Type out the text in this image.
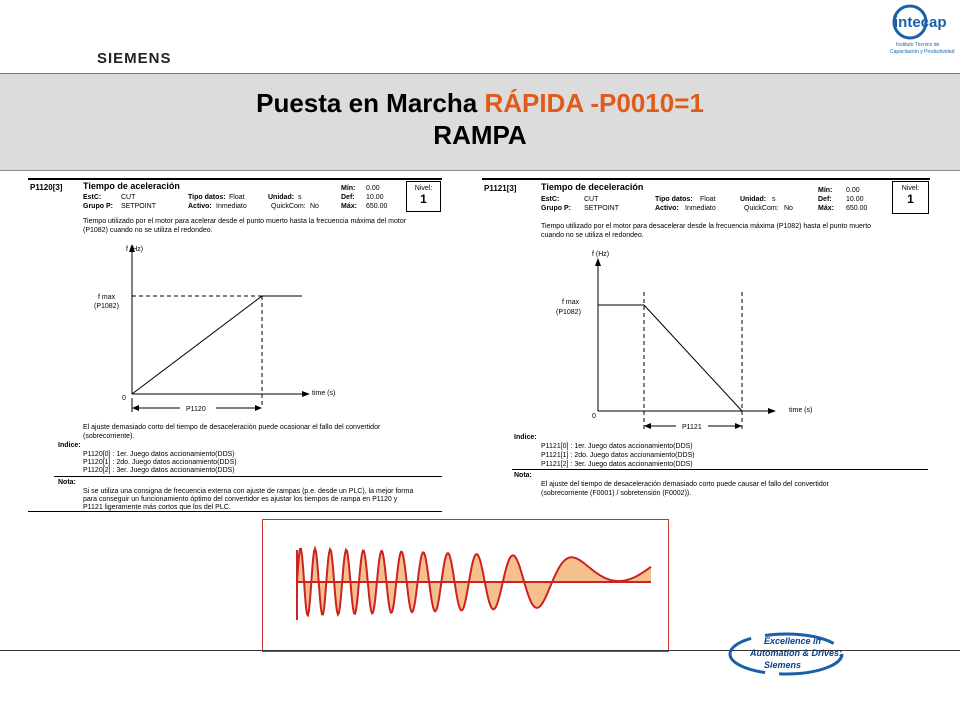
SIEMENS
intecap
Instituto Técnico de
Capacitación y Productividad
Puesta en Marcha RÁPIDA -P0010=1
RAMPA
P1120[3] Tiempo de aceleración
EstC:	CUT
Grupo P: SETPOINT
Tipo datos: Float
Activo: Inmediato
Unidad: s
QuickCom: No
Mín: 0.00
Def: 10.00
Máx: 650.00
Nivel:
1
Tiempo utilizado por el motor para acelerar desde el punto muerto hasta la frecuencia máxima del motor
(P1082) cuando no se utiliza el redondeo.
f (Hz)
f max
(P1082)
0
time (s)
P1120
El ajuste demasiado corto del tiempo de desaceleración puede ocasionar el fallo del convertidor
(sobrecorriente).
Indice:
P1120[0] : 1er. Juego datos accionamiento(DDS)
P1120[1] : 2do. Juego datos accionamiento(DDS)
P1120[2] : 3er. Juego datos accionamiento(DDS)
Nota:
Si se utiliza una consigna de frecuencia externa con ajuste de rampas (p.e. desde un PLC), la mejor forma
para conseguir un funcionamiento óptimo del convertidor es ajustar los tiempos de rampa en P1120 y
P1121 ligeramente más cortos que los del PLC.
P1121[3]	Tiempo de deceleración
EstC:	CUT
Grupo P: SETPOINT
Tipo datos: Float
Activo: Inmediato
Unidad: s
QuickCom: No
Mín: 0.00
Def: 10.00
Máx: 650.00
Nivel:
1
Tiempo utilizado por el motor para desacelerar desde la frecuencia máxima (P1082) hasta el punto muerto
cuando no se utiliza el redondeo.
f (Hz)
f max
(P1082)
0
time (s)
P1121
Indice:
P1121[0] : 1er. Juego datos accionamiento(DDS)
P1121[1] : 2do. Juego datos accionamiento(DDS)
P1121[2] : 3er. Juego datos accionamiento(DDS)
Nota:
El ajuste del tiempo de desaceleración demasiado corto puede causar el fallo del convertidor
(sobrecorriente (F0001) / sobretensión (F0002)).
Excellence in
Automation & Drives:
Siemens
